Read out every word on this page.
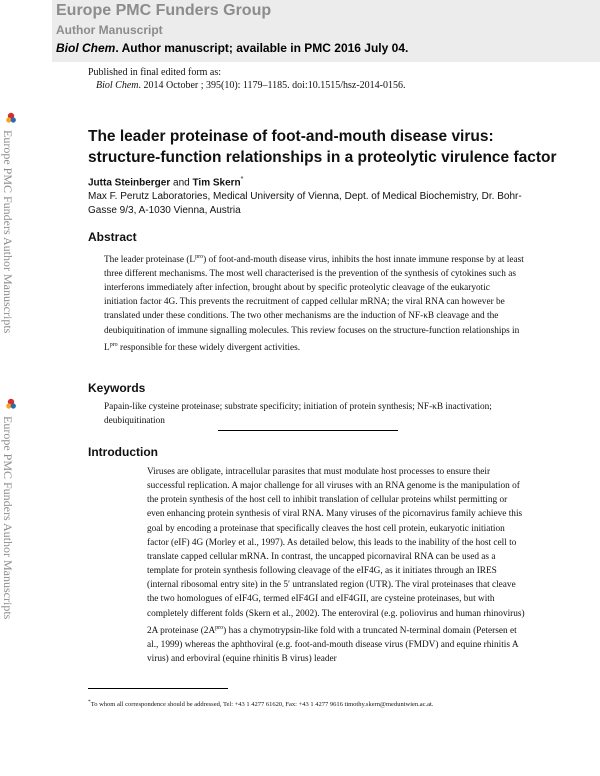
Europe PMC Funders Group
Author Manuscript
Biol Chem. Author manuscript; available in PMC 2016 July 04.
Published in final edited form as:
Biol Chem. 2014 October ; 395(10): 1179–1185. doi:10.1515/hsz-2014-0156.
Europe PMC Funders Author Manuscripts
Europe PMC Funders Author Manuscripts
The leader proteinase of foot-and-mouth disease virus: structure-function relationships in a proteolytic virulence factor
Jutta Steinberger and Tim Skern*
Max F. Perutz Laboratories, Medical University of Vienna, Dept. of Medical Biochemistry, Dr. Bohr-Gasse 9/3, A-1030 Vienna, Austria
Abstract
The leader proteinase $(L^{pro})$ of foot-and-mouth disease virus, inhibits the host innate immune response by at least three different mechanisms. The most well characterised is the prevention of the synthesis of cytokines such as interferons immediately after infection, brought about by specific proteolytic cleavage of the eukaryotic initiation factor 4G. This prevents the recruitment of capped cellular mRNA; the viral RNA can however be translated under these conditions. The two other mechanisms are the induction of NF-κB cleavage and the deubiquitination of immune signalling molecules. This review focuses on the structure-function relationships in $L^{pro}$ responsible for these widely divergent activities.
Keywords
Papain-like cysteine proteinase; substrate specificity; initiation of protein synthesis; NF-κB inactivation; deubiquitination
Introduction
Viruses are obligate, intracellular parasites that must modulate host processes to ensure their successful replication. A major challenge for all viruses with an RNA genome is the manipulation of the protein synthesis of the host cell to inhibit translation of cellular proteins whilst permitting or even enhancing protein synthesis of viral RNA. Many viruses of the picornavirus family achieve this goal by encoding a proteinase that specifically cleaves the host cell protein, eukaryotic initiation factor (eIF) 4G (Morley et al., 1997). As detailed below, this leads to the inability of the host cell to translate capped cellular mRNA. In contrast, the uncapped picornaviral RNA can be used as a template for protein synthesis following cleavage of the eIF4G, as it initiates through an IRES (internal ribosomal entry site) in the 5′ untranslated region (UTR). The viral proteinases that cleave the two homologues of eIF4G, termed eIF4GI and eIF4GII, are cysteine proteinases, but with completely different folds (Skern et al., 2002). The enteroviral (e.g. poliovirus and human rhinovirus) 2A proteinase $(2A^{pro})$ has a chymotrypsin-like fold with a truncated N-terminal domain (Petersen et al., 1999) whereas the aphthoviral (e.g. foot-and-mouth disease virus (FMDV) and equine rhinitis A virus) and erboviral (equine rhinitis B virus) leader
*To whom all correspondence should be addressed, Tel: +43 1 4277 61620, Fax: +43 1 4277 9616 timothy.skern@meduniwien.ac.at.
